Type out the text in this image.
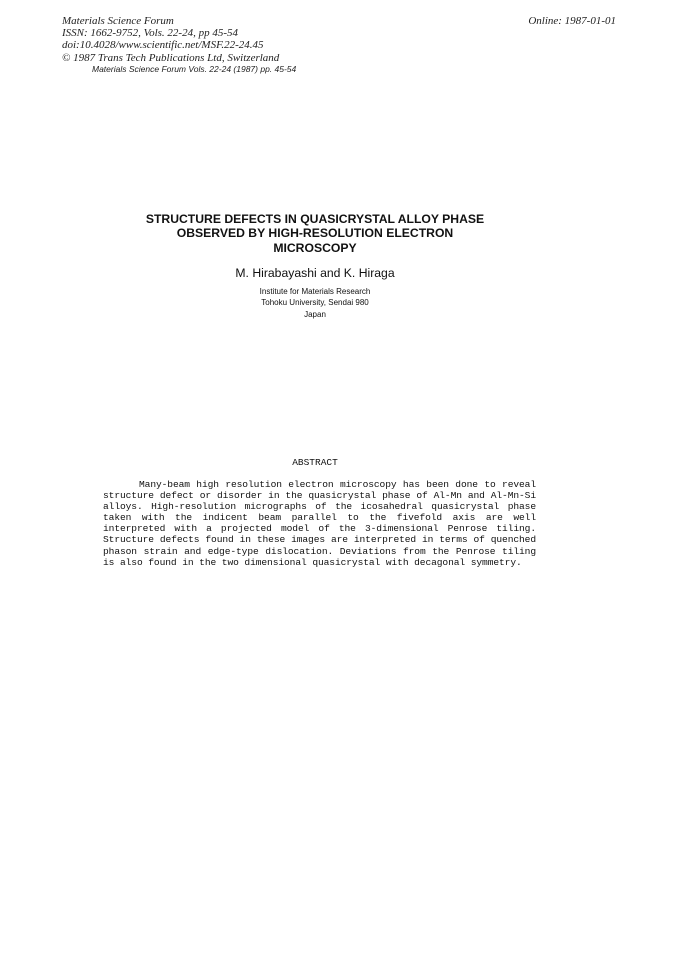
Materials Science Forum
ISSN: 1662-9752, Vols. 22-24, pp 45-54
doi:10.4028/www.scientific.net/MSF.22-24.45
© 1987 Trans Tech Publications Ltd, Switzerland
Online: 1987-01-01
Materials Science Forum Vols. 22-24 (1987) pp. 45-54
STRUCTURE DEFECTS IN QUASICRYSTAL ALLOY PHASE
OBSERVED BY HIGH-RESOLUTION ELECTRON
MICROSCOPY
M. Hirabayashi and K. Hiraga
Institute for Materials Research
Tohoku University, Sendai 980
Japan
ABSTRACT
Many-beam high resolution electron microscopy has been done to reveal structure defect or disorder in the quasicrystal phase of Al-Mn and Al-Mn-Si alloys. High-resolution micrographs of the icosahedral quasicrystal phase taken with the indicent beam parallel to the fivefold axis are well interpreted with a projected model of the 3-dimensional Penrose tiling. Structure defects found in these images are interpreted in terms of quenched phason strain and edge-type dislocation. Deviations from the Penrose tiling is also found in the two dimensional quasicrystal with decagonal symmetry.
